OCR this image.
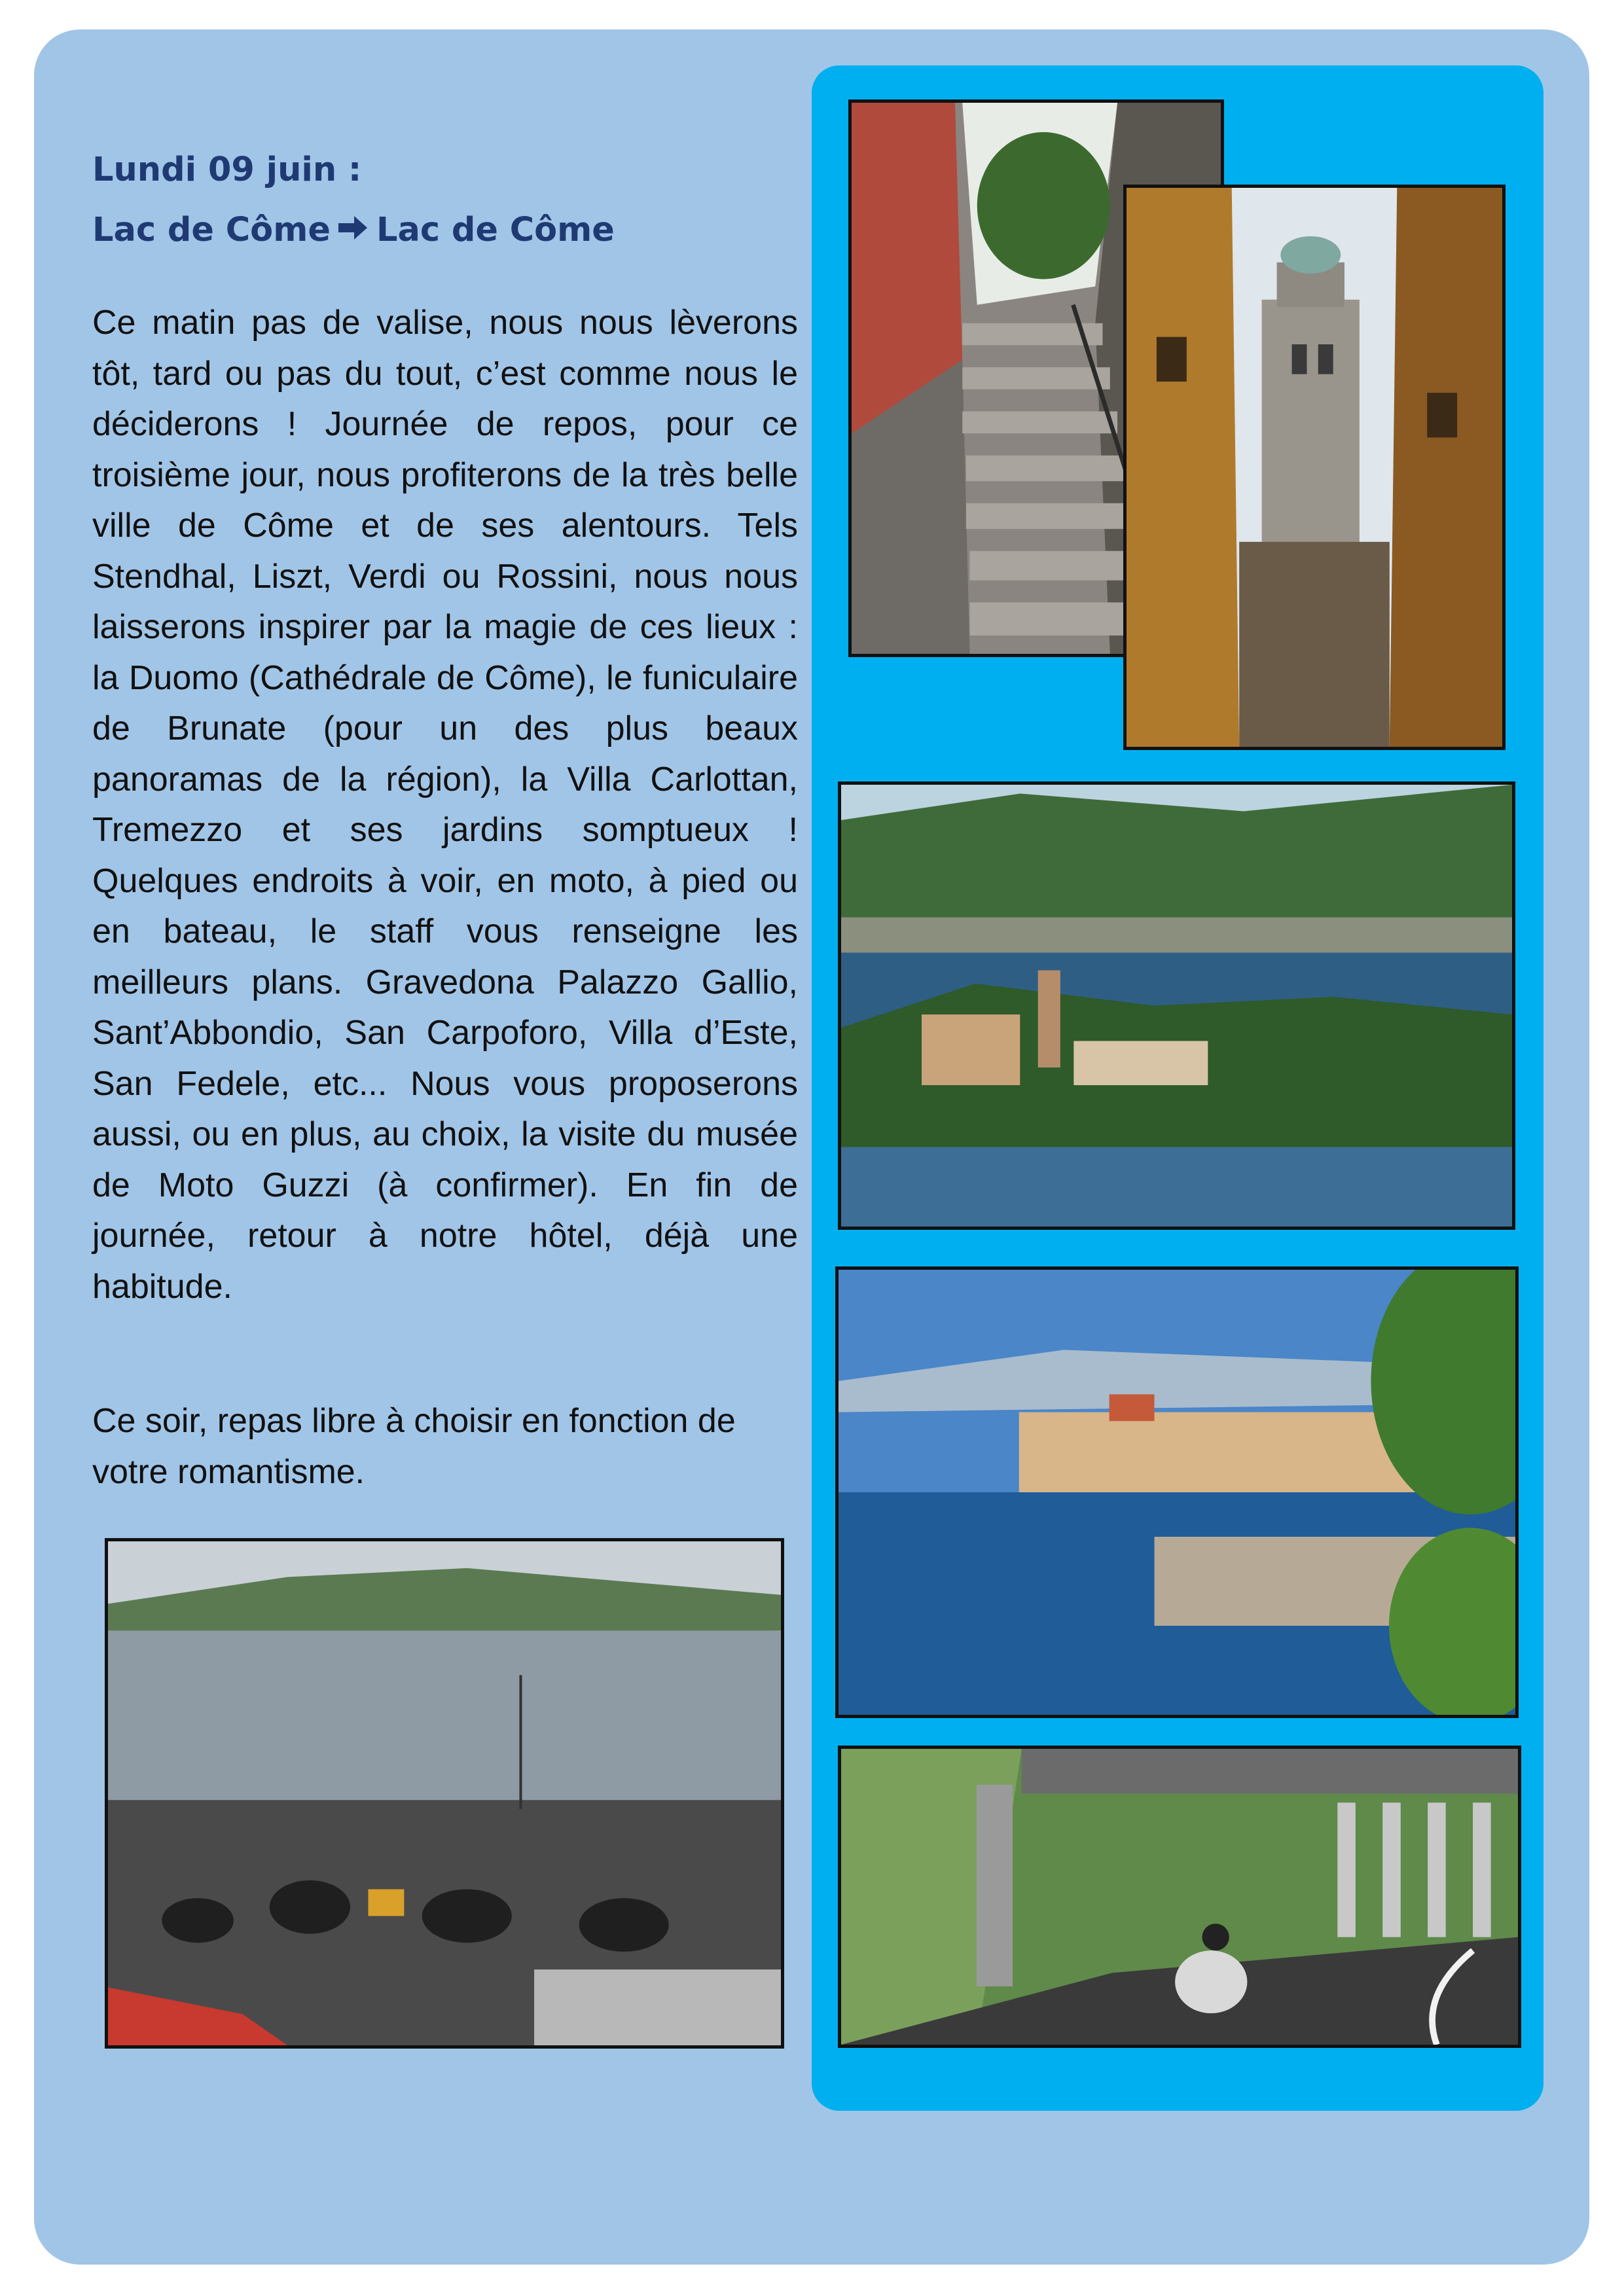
Lundi 09 juin :
Lac de Côme Lac de Côme

Ce matin pas de valise, nous nous lèverons tôt, tard ou pas du tout, c’est comme nous le déciderons ! Journée de repos, pour ce troisième jour, nous profiterons de la très belle ville de Côme et de ses alentours. Tels Stendhal, Liszt, Verdi ou Rossini, nous nous laisserons inspirer par la magie de ces lieux : la Duomo (Cathédrale de Côme), le funiculaire de Brunate (pour un des plus beaux panoramas de la région), la Villa Carlottan, Tremezzo et ses jardins somptueux ! Quelques endroits à voir, en moto, à pied ou en bateau, le staff vous renseigne les meilleurs plans. Gravedona Palazzo Gallio, Sant’Abbondio, San Carpoforo, Villa d’Este, San Fedele, etc... Nous vous proposerons aussi, ou en plus, au choix, la visite du musée de Moto Guzzi (à confirmer). En fin de journée, retour à notre hôtel, déjà une habitude.

Ce soir, repas libre à choisir en fonction de votre romantisme.
